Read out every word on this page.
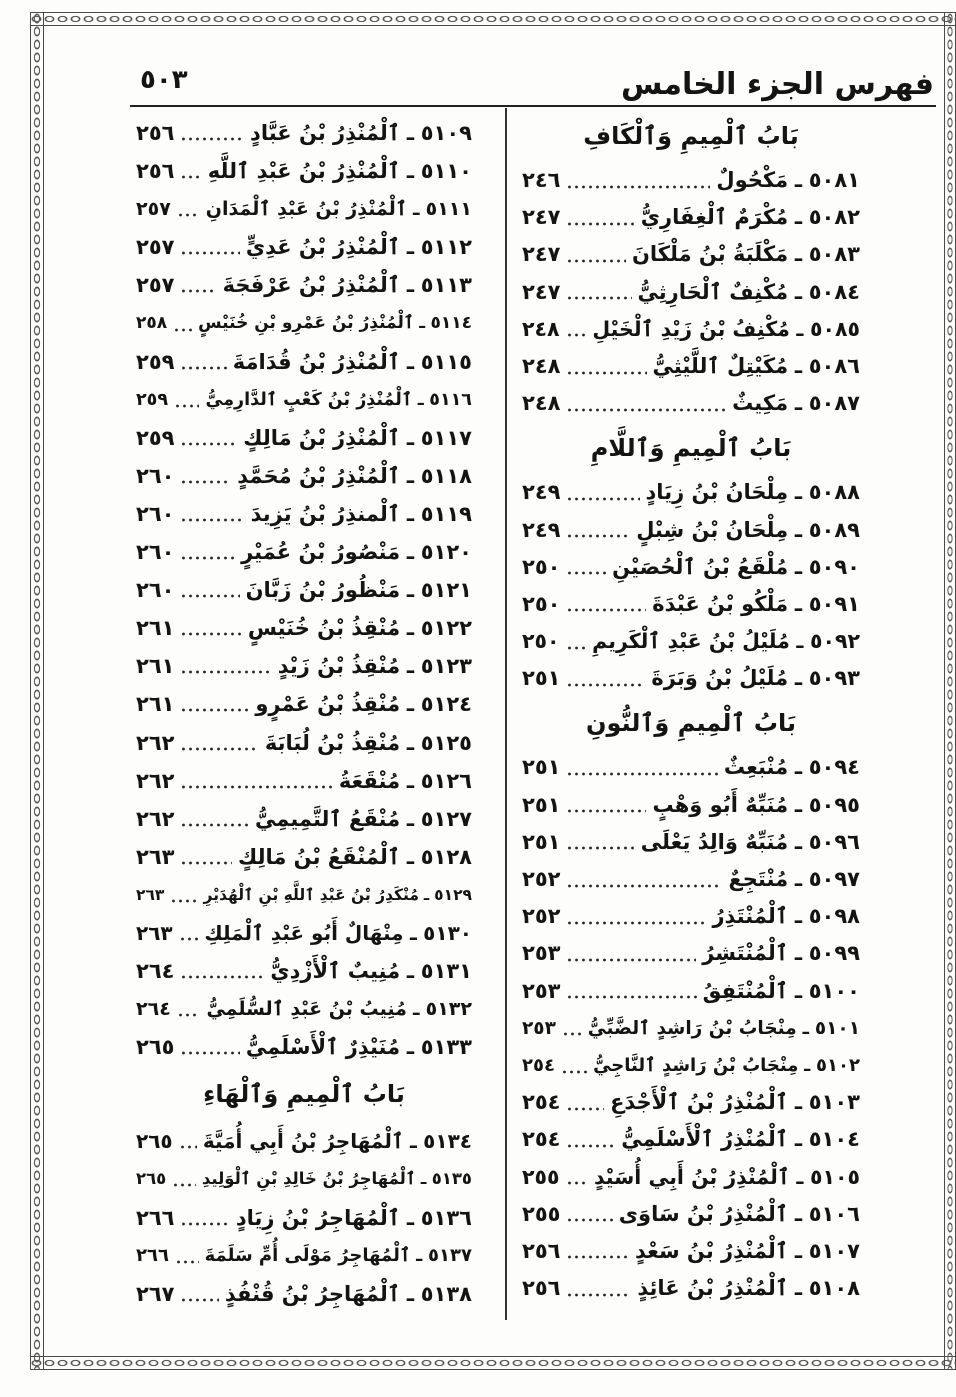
فهرس الجزء الخامس
٥٠٣
بَابُ ٱلْمِيمِ وَٱلْكَافِ
٥٠٨١
ـ
مَكْحُولٌ
٢٤٦
٥٠٨٢
ـ
مُكْرَمٌ ٱلْغِفَارِيُّ
٢٤٧
٥٠٨٣
ـ
مَكْلَبَةُ بْنُ مَلْكَانَ
٢٤٧
٥٠٨٤
ـ
مُكْنِفٌ ٱلْحَارِثِيُّ
٢٤٧
٥٠٨٥
ـ
مُكْنِفُ بْنُ زَيْدِ ٱلْخَيْلِ
٢٤٨
٥٠٨٦
ـ
مُكَيْتِلٌ ٱللَّيْثِيُّ
٢٤٨
٥٠٨٧
ـ
مَكِيثٌ
٢٤٨
بَابُ ٱلْمِيمِ وَٱللَّامِ
٥٠٨٨
ـ
مِلْحَانُ بْنُ زِيَادٍ
٢٤٩
٥٠٨٩
ـ
مِلْحَانُ بْنُ شِبْلٍ
٢٤٩
٥٠٩٠
ـ
مُلْقَعُ بْنُ ٱلْحُصَيْنِ
٢٥٠
٥٠٩١
ـ
مَلْكُو بْنُ عَبْدَةَ
٢٥٠
٥٠٩٢
ـ
مُلَيْلُ بْنُ عَبْدِ ٱلْكَرِيمِ
٢٥٠
٥٠٩٣
ـ
مُلَيْلُ بْنُ وَبَرَةَ
٢٥١
بَابُ ٱلْمِيمِ وَٱلنُّونِ
٥٠٩٤
ـ
مُنْبَعِثٌ
٢٥١
٥٠٩٥
ـ
مُنَبِّهٌ أَبُو وَهْبٍ
٢٥١
٥٠٩٦
ـ
مُنَبِّهٌ وَالِدُ يَعْلَى
٢٥١
٥٠٩٧
ـ
مُنْتَجِعٌ
٢٥٢
٥٠٩٨
ـ
ٱلْمُنْتَذِرُ
٢٥٢
٥٠٩٩
ـ
ٱلْمُنْتَشِرُ
٢٥٣
٥١٠٠
ـ
ٱلْمُنْتَفِقُ
٢٥٣
٥١٠١
ـ
مِنْجَابُ بْنُ رَاشِدٍ ٱلضَّبِّيُّ
٢٥٣
٥١٠٢
ـ
مِنْجَابُ بْنُ رَاشِدٍ ٱلنَّاجِيُّ
٢٥٤
٥١٠٣
ـ
ٱلْمُنْذِرُ بْنُ ٱلْأَجْدَعِ
٢٥٤
٥١٠٤
ـ
ٱلْمُنْذِرُ ٱلْأَسْلَمِيُّ
٢٥٤
٥١٠٥
ـ
ٱلْمُنْذِرُ بْنُ أَبِي أُسَيْدٍ
٢٥٥
٥١٠٦
ـ
ٱلْمُنْذِرُ بْنُ سَاوَى
٢٥٥
٥١٠٧
ـ
ٱلْمُنْذِرُ بْنُ سَعْدٍ
٢٥٦
٥١٠٨
ـ
ٱلْمُنْذِرُ بْنُ عَائِذٍ
٢٥٦
٥١٠٩
ـ
ٱلْمُنْذِرُ بْنُ عَبَّادٍ
٢٥٦
٥١١٠
ـ
ٱلْمُنْذِرُ بْنُ عَبْدِ ٱللَّهِ
٢٥٦
٥١١١
ـ
ٱلْمُنْذِرُ بْنُ عَبْدِ ٱلْمَدَانِ
٢٥٧
٥١١٢
ـ
ٱلْمُنْذِرُ بْنُ عَدِيٍّ
٢٥٧
٥١١٣
ـ
ٱلْمُنْذِرُ بْنُ عَرْفَجَةَ
٢٥٧
٥١١٤
ـ
ٱلْمُنْذِرُ بْنُ عَمْرِو بْنِ خُنَيْسٍ
٢٥٨
٥١١٥
ـ
ٱلْمُنْذِرُ بْنُ قُدَامَةَ
٢٥٩
٥١١٦
ـ
ٱلْمُنْذِرُ بْنُ كَعْبٍ ٱلدَّارِمِيُّ
٢٥٩
٥١١٧
ـ
ٱلْمُنْذِرُ بْنُ مَالِكٍ
٢٥٩
٥١١٨
ـ
ٱلْمُنْذِرُ بْنُ مُحَمَّدٍ
٢٦٠
٥١١٩
ـ
ٱلْمنذِرُ بْنُ يَزِيدَ
٢٦٠
٥١٢٠
ـ
مَنْصُورُ بْنُ عُمَيْرٍ
٢٦٠
٥١٢١
ـ
مَنْظُورُ بْنُ زَبَّانَ
٢٦٠
٥١٢٢
ـ
مُنْقِذُ بْنُ خُنَيْسٍ
٢٦١
٥١٢٣
ـ
مُنْقِذُ بْنُ زَيْدٍ
٢٦١
٥١٢٤
ـ
مُنْقِذُ بْنُ عَمْرٍو
٢٦١
٥١٢٥
ـ
مُنْقِذُ بْنُ لُبَابَةَ
٢٦٢
٥١٢٦
ـ
مُنْقَعَةُ
٢٦٢
٥١٢٧
ـ
مُنْقَعُ ٱلتَّمِيمِيُّ
٢٦٢
٥١٢٨
ـ
ٱلْمُنْقَعُ بْنُ مَالِكٍ
٢٦٣
٥١٢٩
ـ
مُنْكَدِرُ بْنُ عَبْدِ ٱللَّهِ بْنِ ٱلْهُدَيْرِ
٢٦٣
٥١٣٠
ـ
مِنْهَالٌ أَبُو عَبْدِ ٱلْمَلِكِ
٢٦٣
٥١٣١
ـ
مُنِيبٌ ٱلْأَزْدِيُّ
٢٦٤
٥١٣٢
ـ
مُنِيبُ بْنُ عَبْدِ ٱلسُّلَمِيُّ
٢٦٤
٥١٣٣
ـ
مُنَيْذِرٌ ٱلْأَسْلَمِيُّ
٢٦٥
بَابُ ٱلْمِيمِ وَٱلْهَاءِ
٥١٣٤
ـ
ٱلْمُهَاجِرُ بْنُ أَبِي أُمَيَّةَ
٢٦٥
٥١٣٥
ـ
ٱلْمُهَاجِرُ بْنُ خَالِدِ بْنِ ٱلْوَلِيدِ
٢٦٥
٥١٣٦
ـ
ٱلْمُهَاجِرُ بْنُ زِيَادٍ
٢٦٦
٥١٣٧
ـ
ٱلْمُهَاجِرُ مَوْلَى أُمِّ سَلَمَةَ
٢٦٦
٥١٣٨
ـ
ٱلْمُهَاجِرُ بْنُ قُنْفُذٍ
٢٦٧
